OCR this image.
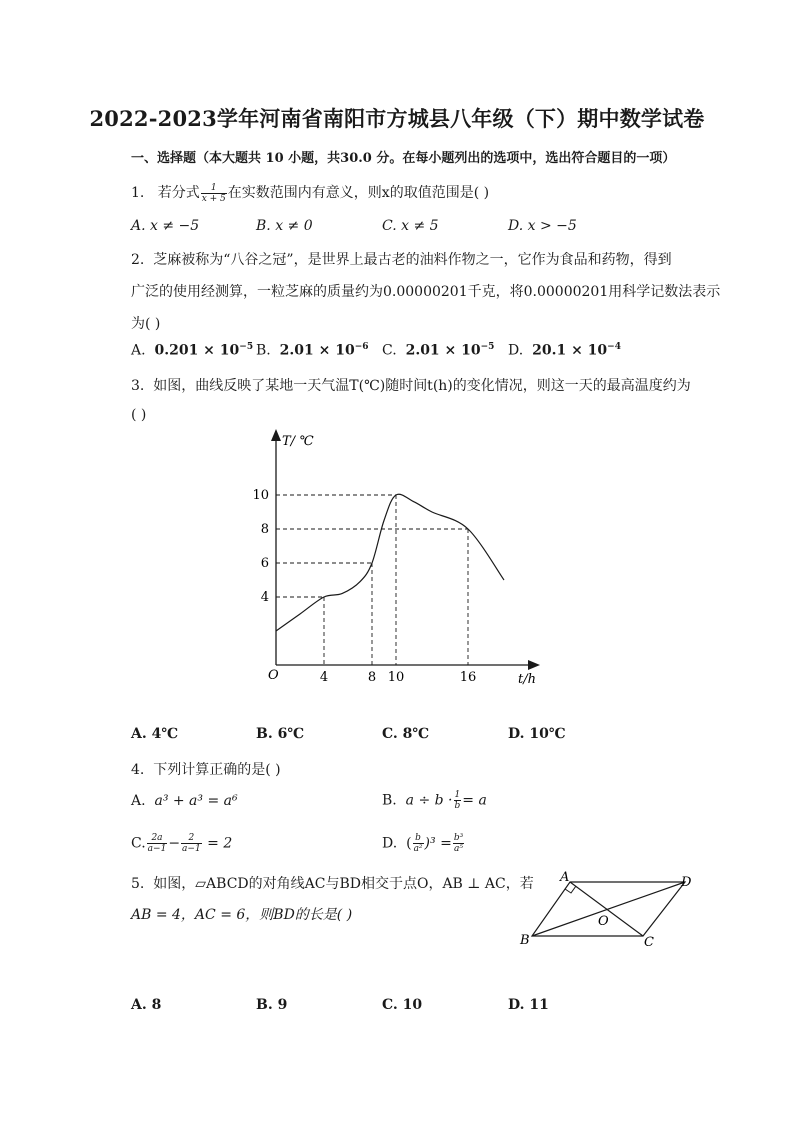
2022-2023学年河南省南阳市方城县八年级（下）期中数学试卷
一、选择题（本大题共 10 小题，共30.0 分。在每小题列出的选项中，选出符合题目的一项）
1. 若分式 $\frac{1}{x + 5}$ 在实数范围内有意义，则x的取值范围是( )
A. x ≠ −5	B. x ≠ 0	C. x ≠ 5	D. x > −5
2. 芝麻被称为“八谷之冠”，是世界上最古老的油料作物之一，它作为食品和药物，得到
广泛的使用经测算，一粒芝麻的质量约为0.00000201千克，将0.00000201用科学记数法表示
为( )
A. $0.201 \times 10^{-5}$ B. $2.01 \times 10^{-6}$ C. $2.01 \times 10^{-5}$ D. $20.1 \times 10^{-4}$
3. 如图，曲线反映了某地一天气温T(℃)随时间t(h)的变化情况，则这一天的最高温度约为
( )
T/ ℃
t/h
O	4	8 10	16
4
6
8
10
A. 4℃	B. 6℃	C. 8℃	D. 10℃
4. 下列计算正确的是( )
A. a³ + a³ = a⁶	B. $a \div b \cdot \frac{1}{b} = a$
C. $\frac{2a}{a-1} - \frac{2}{a-1} = 2$	D. ( $\frac{b}{\text{a²}} )^3 = \frac{\text{b³}}{\text{a⁵}}$
5. 如图，▱ABCD的对角线AC与BD相交于点O，AB ⊥ AC，若
AB = 4，AC = 6，则BD的长是( )
A	D
B	C
O
A. 8	B. 9	C. 10	D. 11
